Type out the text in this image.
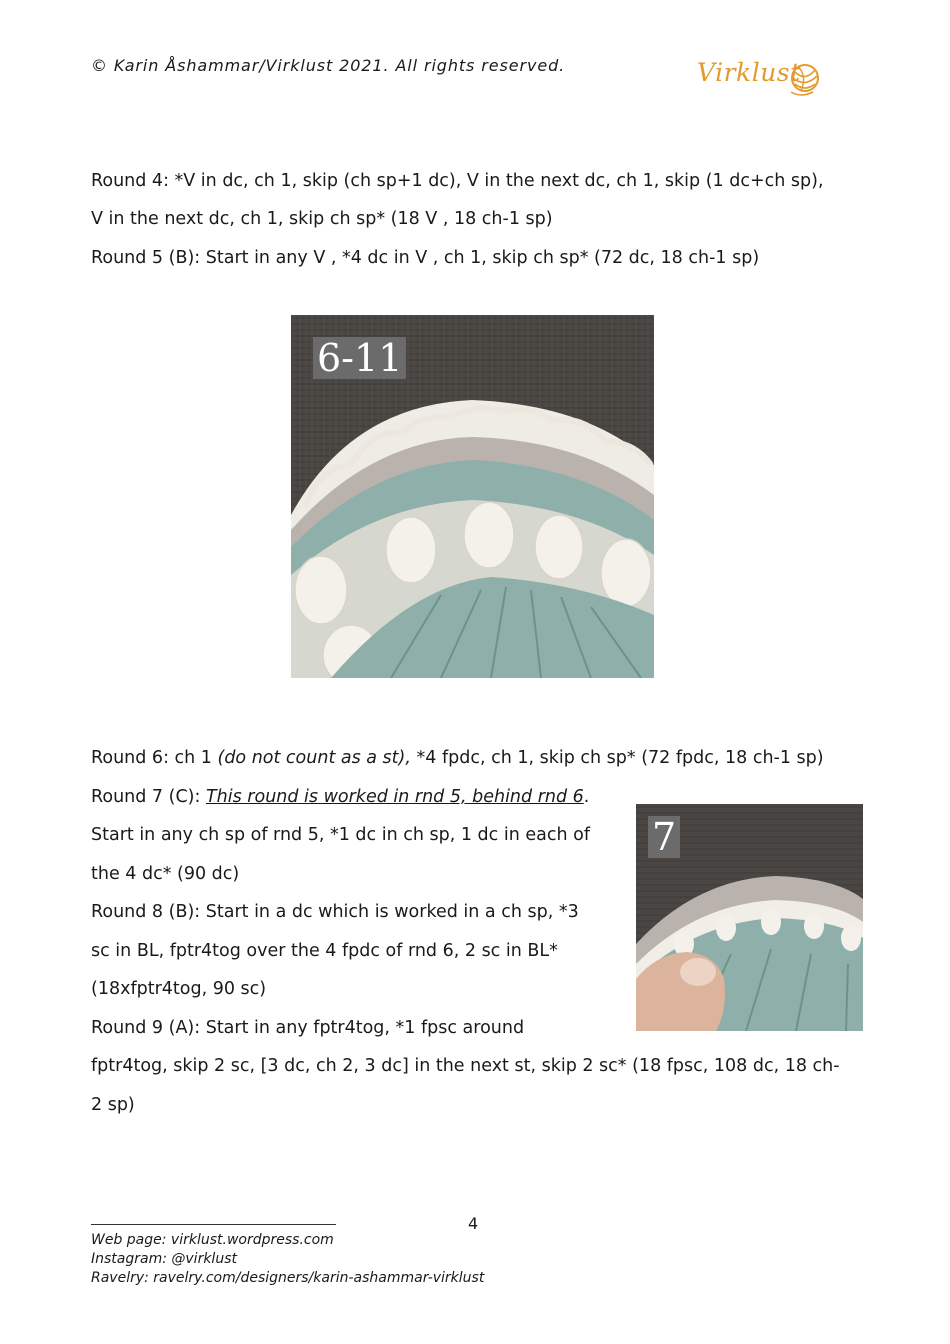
© Karin Åshammar/Virklust 2021. All rights reserved.	Virklust
Round 4: *V in dc, ch 1, skip (ch sp+1 dc), V in the next dc, ch 1, skip (1 dc+ch sp),
V in the next dc, ch 1, skip ch sp* (18 V , 18 ch-1 sp)
Round 5 (B): Start in any V , *4 dc in V , ch 1, skip ch sp* (72 dc, 18 ch-1 sp)
6-11
Round 6: ch 1 (do not count as a st), *4 fpdc, ch 1, skip ch sp* (72 fpdc, 18 ch-1 sp)
Round 7 (C): This round is worked in rnd 5, behind rnd 6.
Start in any ch sp of rnd 5, *1 dc in ch sp, 1 dc in each of
the 4 dc* (90 dc)
Round 8 (B): Start in a dc which is worked in a ch sp, *3
sc in BL, fptr4tog over the 4 fpdc of rnd 6, 2 sc in BL*
(18xfptr4tog, 90 sc)
Round 9 (A): Start in any fptr4tog, *1 fpsc around
fptr4tog, skip 2 sc, [3 dc, ch 2, 3 dc] in the next st, skip 2 sc* (18 fpsc, 108 dc, 18 ch-
2 sp)
7
4
Web page: virklust.wordpress.com
Instagram: @virklust
Ravelry: ravelry.com/designers/karin-ashammar-virklust
